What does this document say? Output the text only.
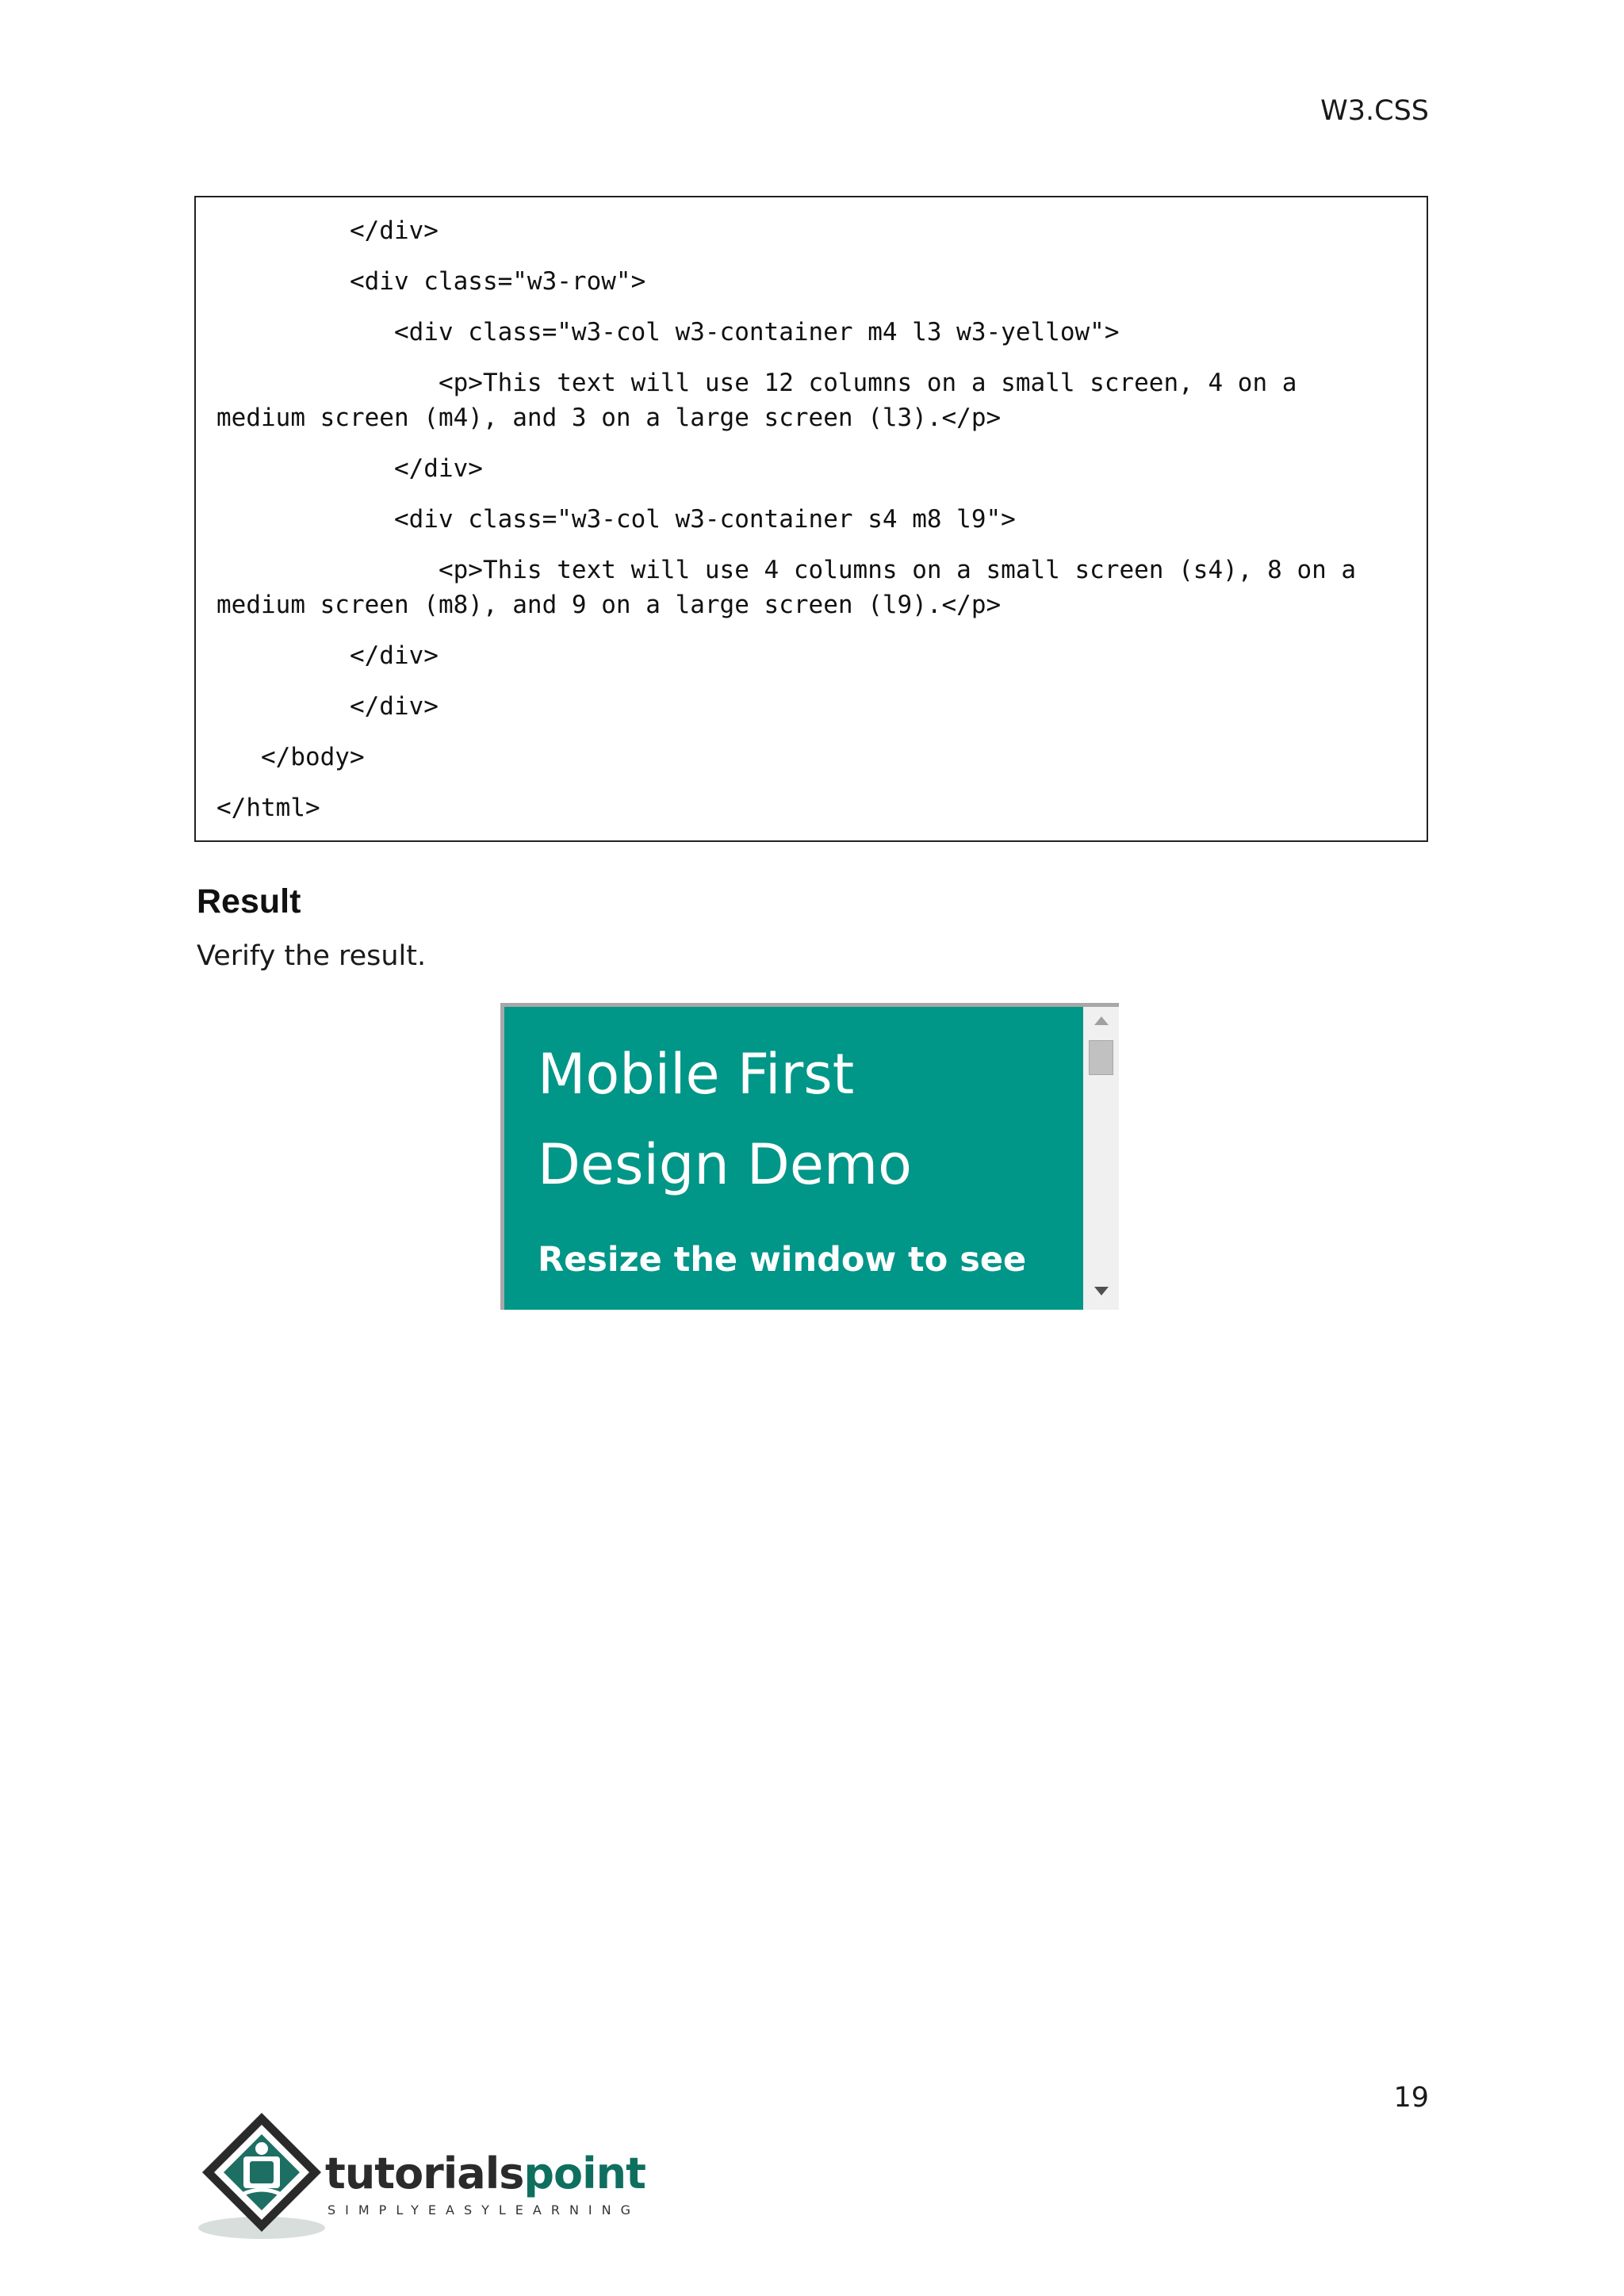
W3.CSS
</div>
<div class="w3-row">
<div class="w3-col w3-container m4 l3 w3-yellow">
<p>This text will use 12 columns on a small screen, 4 on a
medium screen (m4), and 3 on a large screen (l3).</p>
</div>
<div class="w3-col w3-container s4 m8 l9">
<p>This text will use 4 columns on a small screen (s4), 8 on a
medium screen (m8), and 9 on a large screen (l9).</p>
</div>
</div>
</body>
</html>
Result
Verify the result.
Mobile First
Design Demo
Resize the window to see
19
tutorialspoint
SIMPLYEASYLEARNING
